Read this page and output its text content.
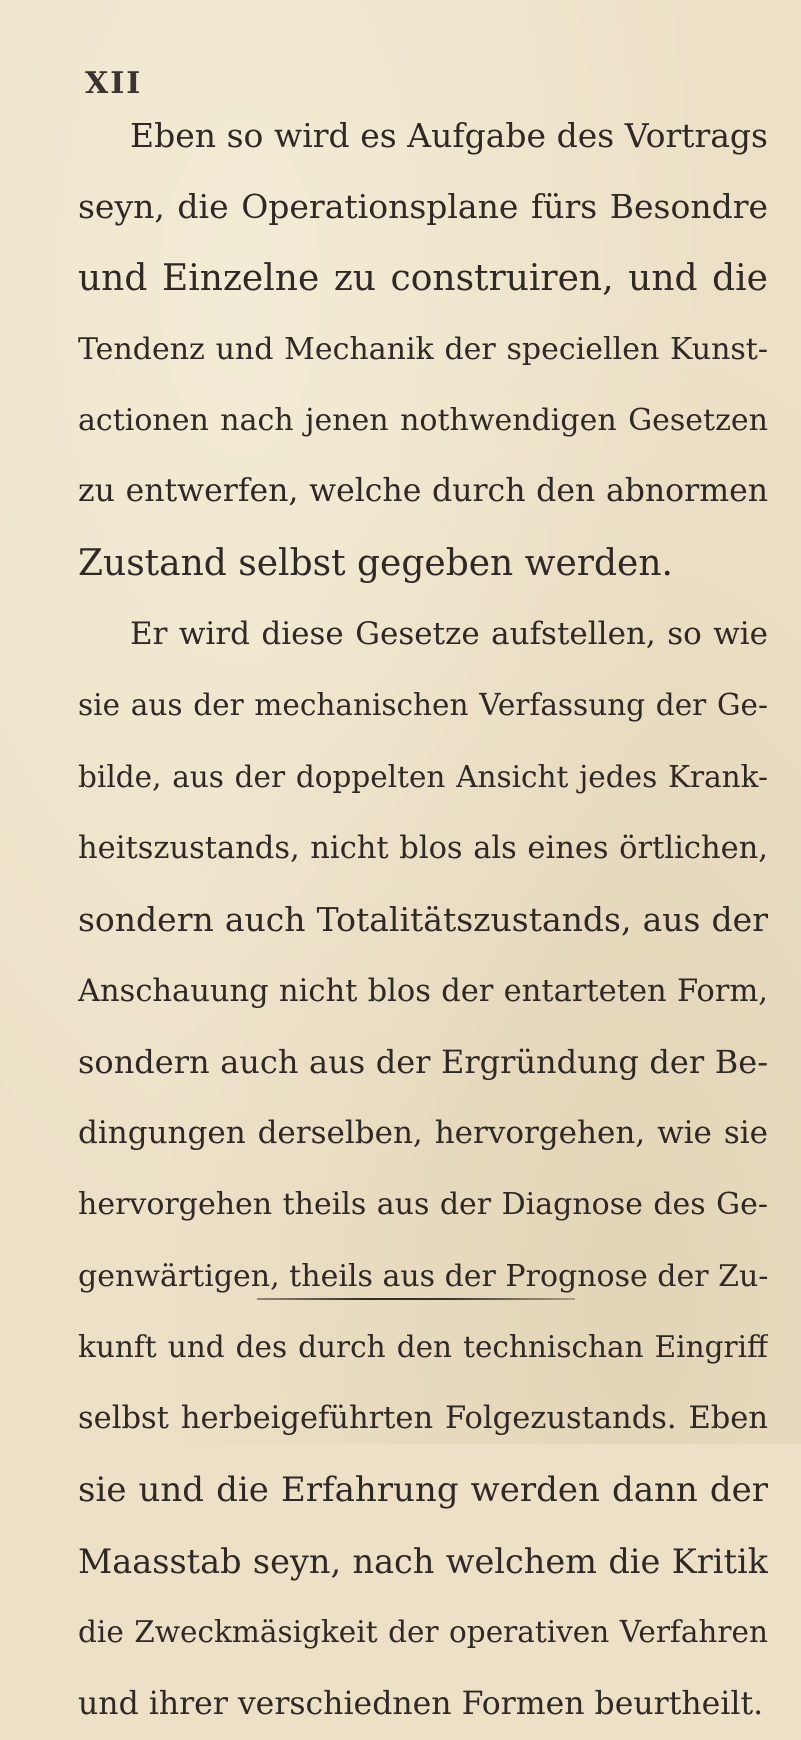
XII
Eben so wird es Aufgabe des Vortrags
seyn, die Operationsplane fürs Besondre
und Einzelne zu construiren, und die
Tendenz und Mechanik der speciellen Kunst-
actionen nach jenen nothwendigen Gesetzen
zu entwerfen, welche durch den abnormen
Zustand selbst gegeben werden.
Er wird diese Gesetze aufstellen, so wie
sie aus der mechanischen Verfassung der Ge-
bilde, aus der doppelten Ansicht jedes Krank-
heitszustands, nicht blos als eines örtlichen,
sondern auch Totalitätszustands, aus der
Anschauung nicht blos der entarteten Form,
sondern auch aus der Ergründung der Be-
dingungen derselben, hervorgehen, wie sie
hervorgehen theils aus der Diagnose des Ge-
genwärtigen, theils aus der Prognose der Zu-
kunft und des durch den technischan Eingriff
selbst herbeigeführten Folgezustands. Eben
sie und die Erfahrung werden dann der
Maasstab seyn, nach welchem die Kritik
die Zweckmäsigkeit der operativen Verfahren
und ihrer verschiednen Formen beurtheilt.
